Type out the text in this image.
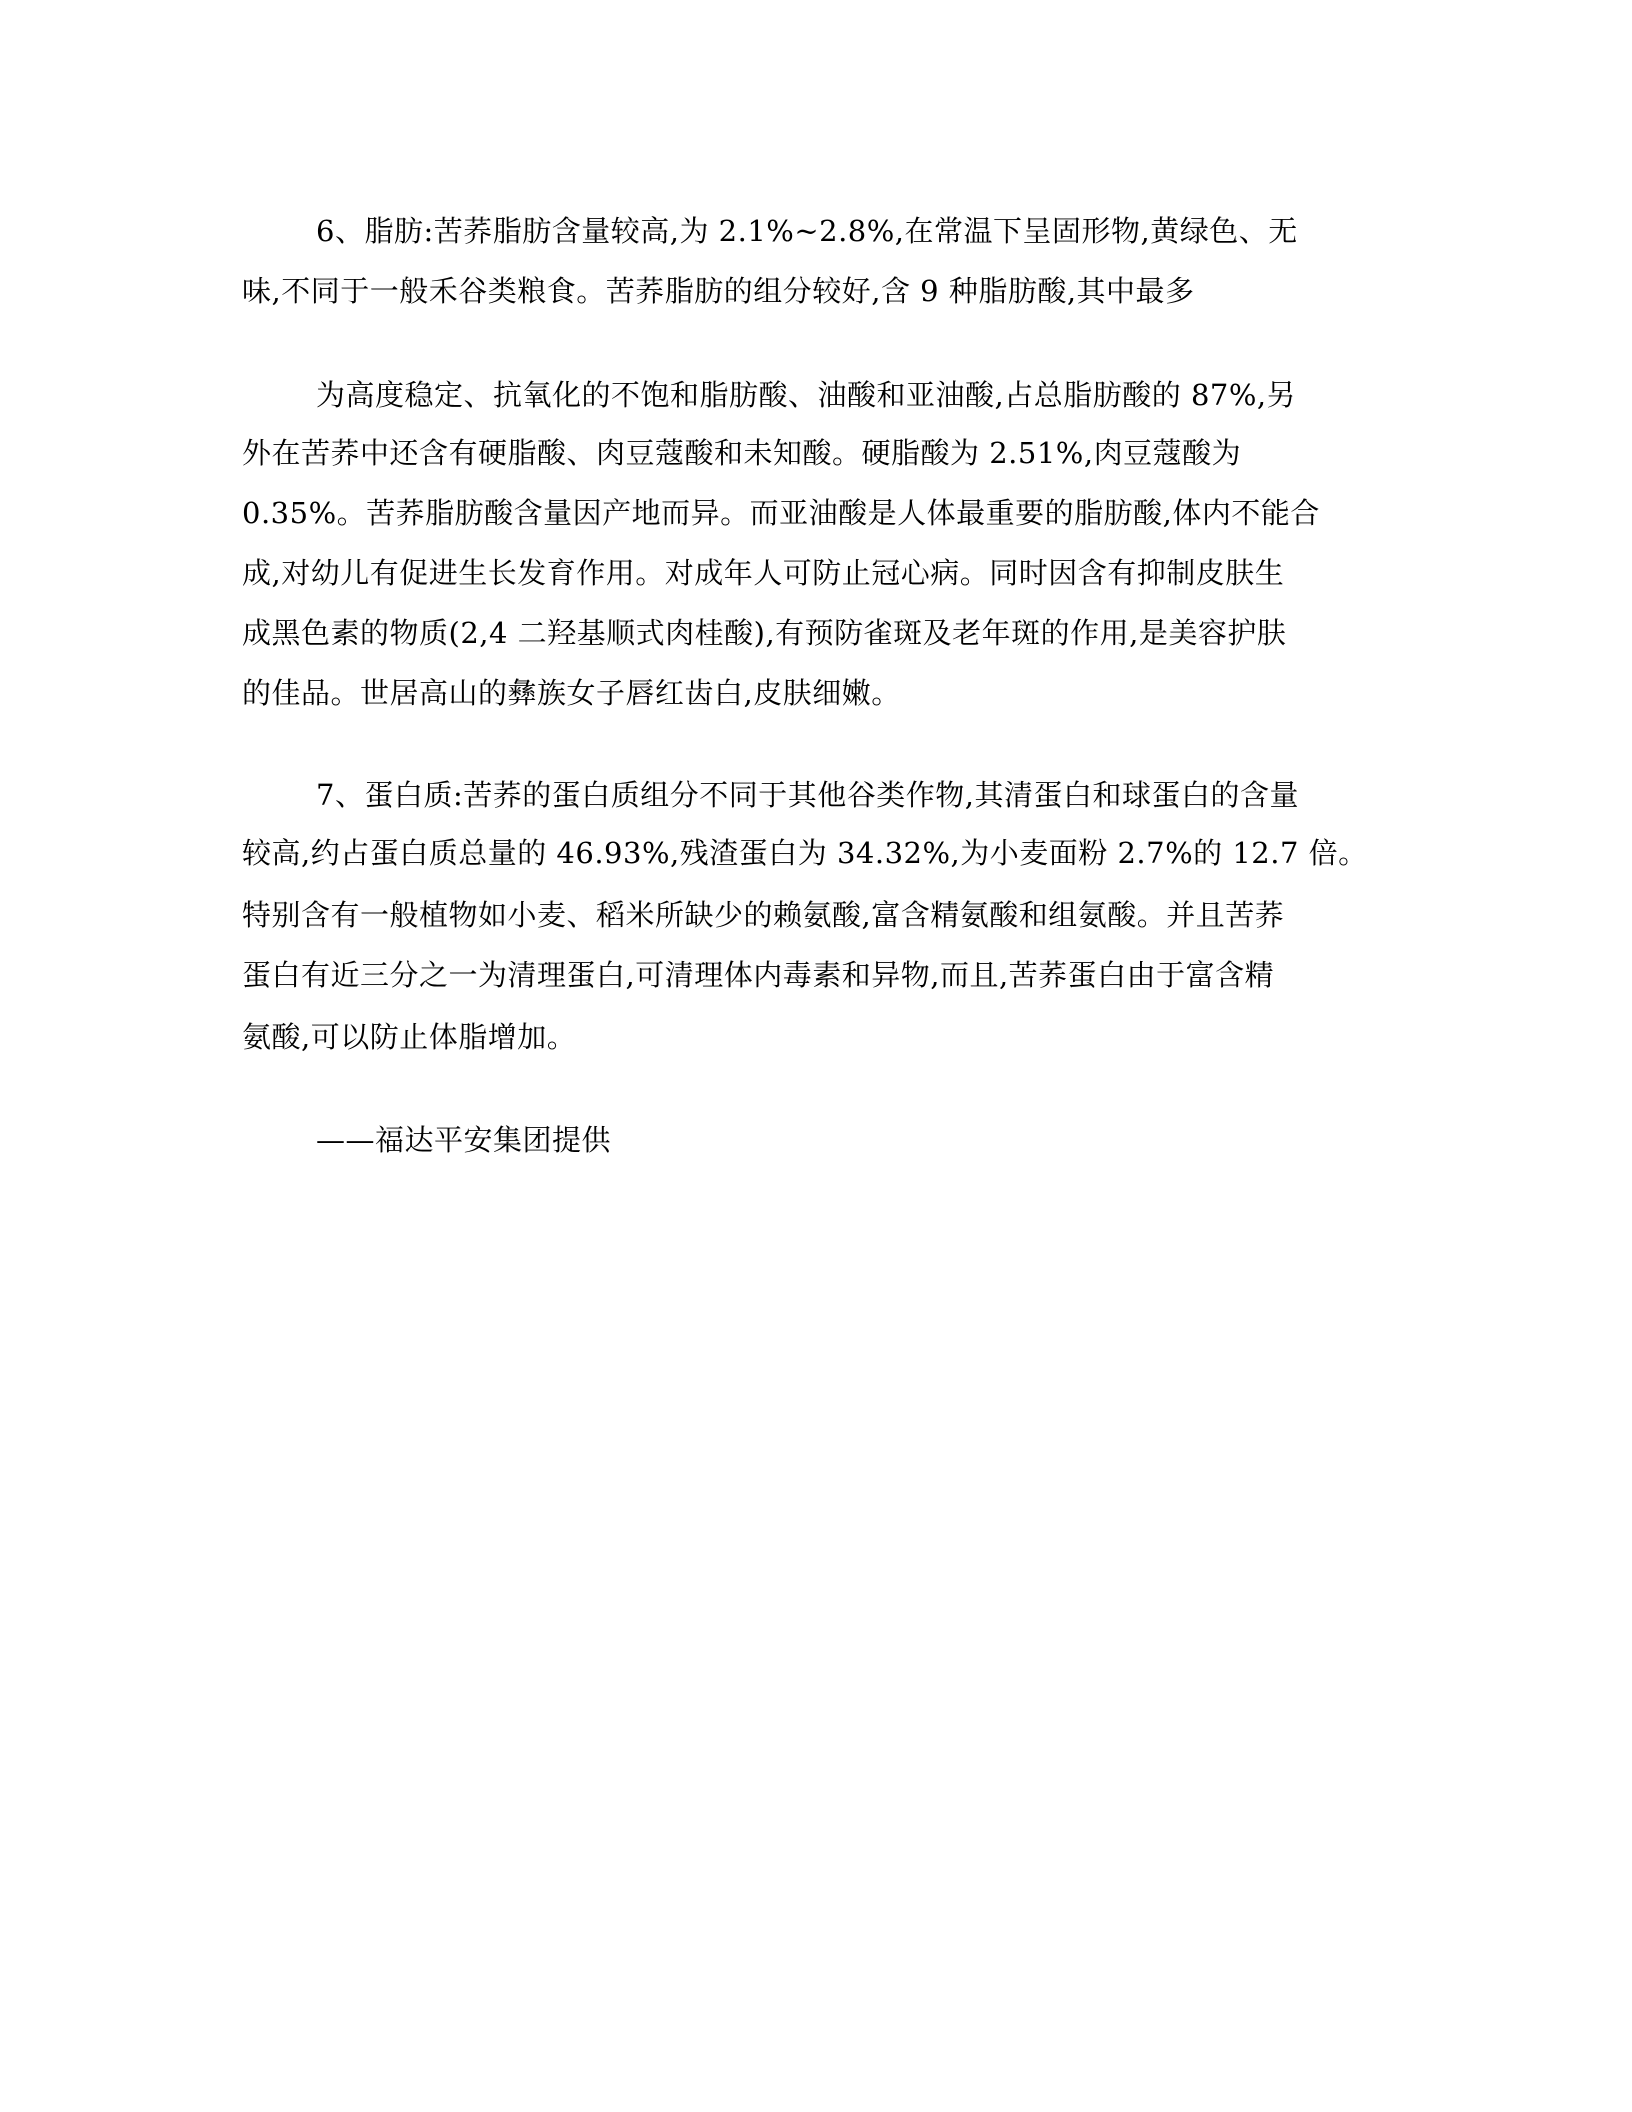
6、脂肪:苦荞脂肪含量较高,为 2.1%~2.8%,在常温下呈固形物,黄绿色、无
味,不同于一般禾谷类粮食。苦荞脂肪的组分较好,含 9 种脂肪酸,其中最多
为高度稳定、抗氧化的不饱和脂肪酸、油酸和亚油酸,占总脂肪酸的 87%,另
外在苦荞中还含有硬脂酸、肉豆蔻酸和未知酸。硬脂酸为 2.51%,肉豆蔻酸为
0.35%。苦荞脂肪酸含量因产地而异。而亚油酸是人体最重要的脂肪酸,体内不能合
成,对幼儿有促进生长发育作用。对成年人可防止冠心病。同时因含有抑制皮肤生
成黑色素的物质(2,4 二羟基顺式肉桂酸),有预防雀斑及老年斑的作用,是美容护肤
的佳品。世居高山的彝族女子唇红齿白,皮肤细嫩。
7、蛋白质:苦荞的蛋白质组分不同于其他谷类作物,其清蛋白和球蛋白的含量
较高,约占蛋白质总量的 46.93%,残渣蛋白为 34.32%,为小麦面粉 2.7%的 12.7 倍。
特别含有一般植物如小麦、稻米所缺少的赖氨酸,富含精氨酸和组氨酸。并且苦荞
蛋白有近三分之一为清理蛋白,可清理体内毒素和异物,而且,苦荞蛋白由于富含精
氨酸,可以防止体脂增加。
——福达平安集团提供
